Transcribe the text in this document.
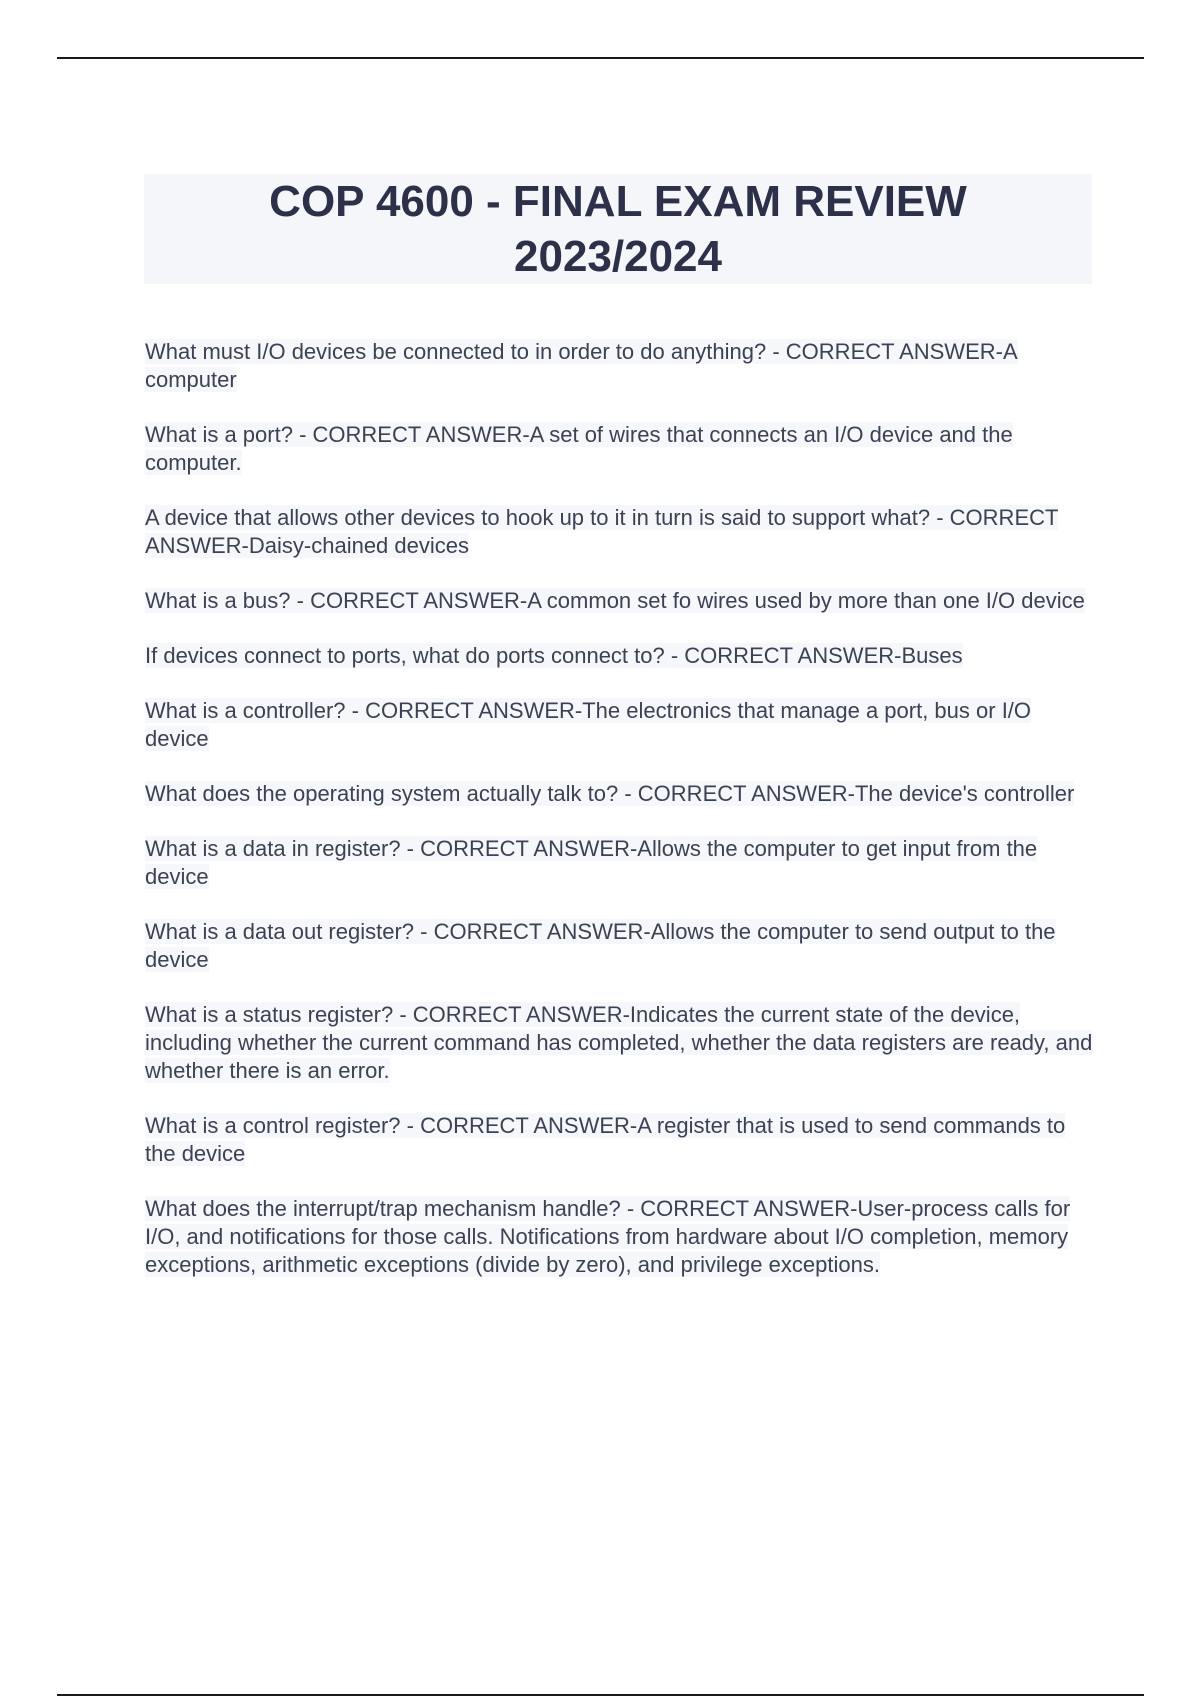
COP 4600 - FINAL EXAM REVIEW 2023/2024
What must I/O devices be connected to in order to do anything? - CORRECT ANSWER-A computer
What is a port? - CORRECT ANSWER-A set of wires that connects an I/O device and the computer.
A device that allows other devices to hook up to it in turn is said to support what? - CORRECT ANSWER-Daisy-chained devices
What is a bus? - CORRECT ANSWER-A common set fo wires used by more than one I/O device
If devices connect to ports, what do ports connect to? - CORRECT ANSWER-Buses
What is a controller? - CORRECT ANSWER-The electronics that manage a port, bus or I/O device
What does the operating system actually talk to? - CORRECT ANSWER-The device's controller
What is a data in register? - CORRECT ANSWER-Allows the computer to get input from the device
What is a data out register? - CORRECT ANSWER-Allows the computer to send output to the device
What is a status register? - CORRECT ANSWER-Indicates the current state of the device, including whether the current command has completed, whether the data registers are ready, and whether there is an error.
What is a control register? - CORRECT ANSWER-A register that is used to send commands to the device
What does the interrupt/trap mechanism handle? - CORRECT ANSWER-User-process calls for I/O, and notifications for those calls. Notifications from hardware about I/O completion, memory exceptions, arithmetic exceptions (divide by zero), and privilege exceptions.
